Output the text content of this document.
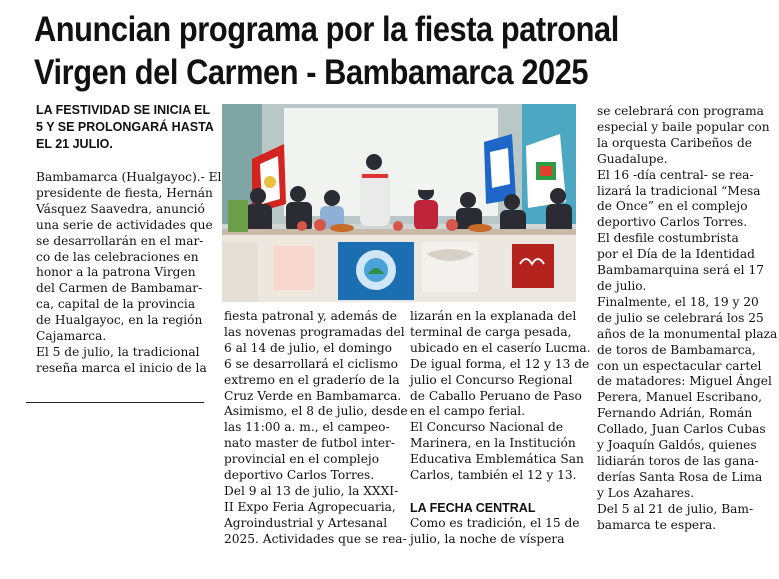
Anuncian programa por la fiesta patronal
Virgen del Carmen - Bambamarca 2025
LA FESTIVIDAD SE INICIA EL
5 Y SE PROLONGARÁ HASTA
EL 21 JULIO.
Bambamarca (Hualgayoc).- El
presidente de fiesta, Hernán
Vásquez Saavedra, anunció
una serie de actividades que
se desarrollarán en el mar-
co de las celebraciones en
honor a la patrona Virgen
del Carmen de Bambamar-
ca, capital de la provincia
de Hualgayoc, en la región
Cajamarca.
El 5 de julio, la tradicional
reseña marca el inicio de la
fiesta patronal y, además de
las novenas programadas del
6 al 14 de julio, el domingo
6 se desarrollará el ciclismo
extremo en el graderío de la
Cruz Verde en Bambamarca.
Asimismo, el 8 de julio, desde
las 11:00 a. m., el campeo-
nato master de futbol inter-
provincial en el complejo
deportivo Carlos Torres.
Del 9 al 13 de julio, la XXXI-
II Expo Feria Agropecuaria,
Agroindustrial y Artesanal
2025. Actividades que se rea-
lizarán en la explanada del
terminal de carga pesada,
ubicado en el caserío Lucma.
De igual forma, el 12 y 13 de
julio el Concurso Regional
de Caballo Peruano de Paso
en el campo ferial.
El Concurso Nacional de
Marinera, en la Institución
Educativa Emblemática San
Carlos, también el 12 y 13.
LA FECHA CENTRAL
Como es tradición, el 15 de
julio, la noche de víspera
se celebrará con programa
especial y baile popular con
la orquesta Caribeños de
Guadalupe.
El 16 -día central- se rea-
lizará la tradicional “Mesa
de Once” en el complejo
deportivo Carlos Torres.
El desfile costumbrista
por el Día de la Identidad
Bambamarquina será el 17
de julio.
Finalmente, el 18, 19 y 20
de julio se celebrará los 25
años de la monumental plaza
de toros de Bambamarca,
con un espectacular cartel
de matadores: Miguel Ángel
Perera, Manuel Escribano,
Fernando Adrián, Román
Collado, Juan Carlos Cubas
y Joaquín Galdós, quienes
lidiarán toros de las gana-
derías Santa Rosa de Lima
y Los Azahares.
Del 5 al 21 de julio, Bam-
bamarca te espera.
